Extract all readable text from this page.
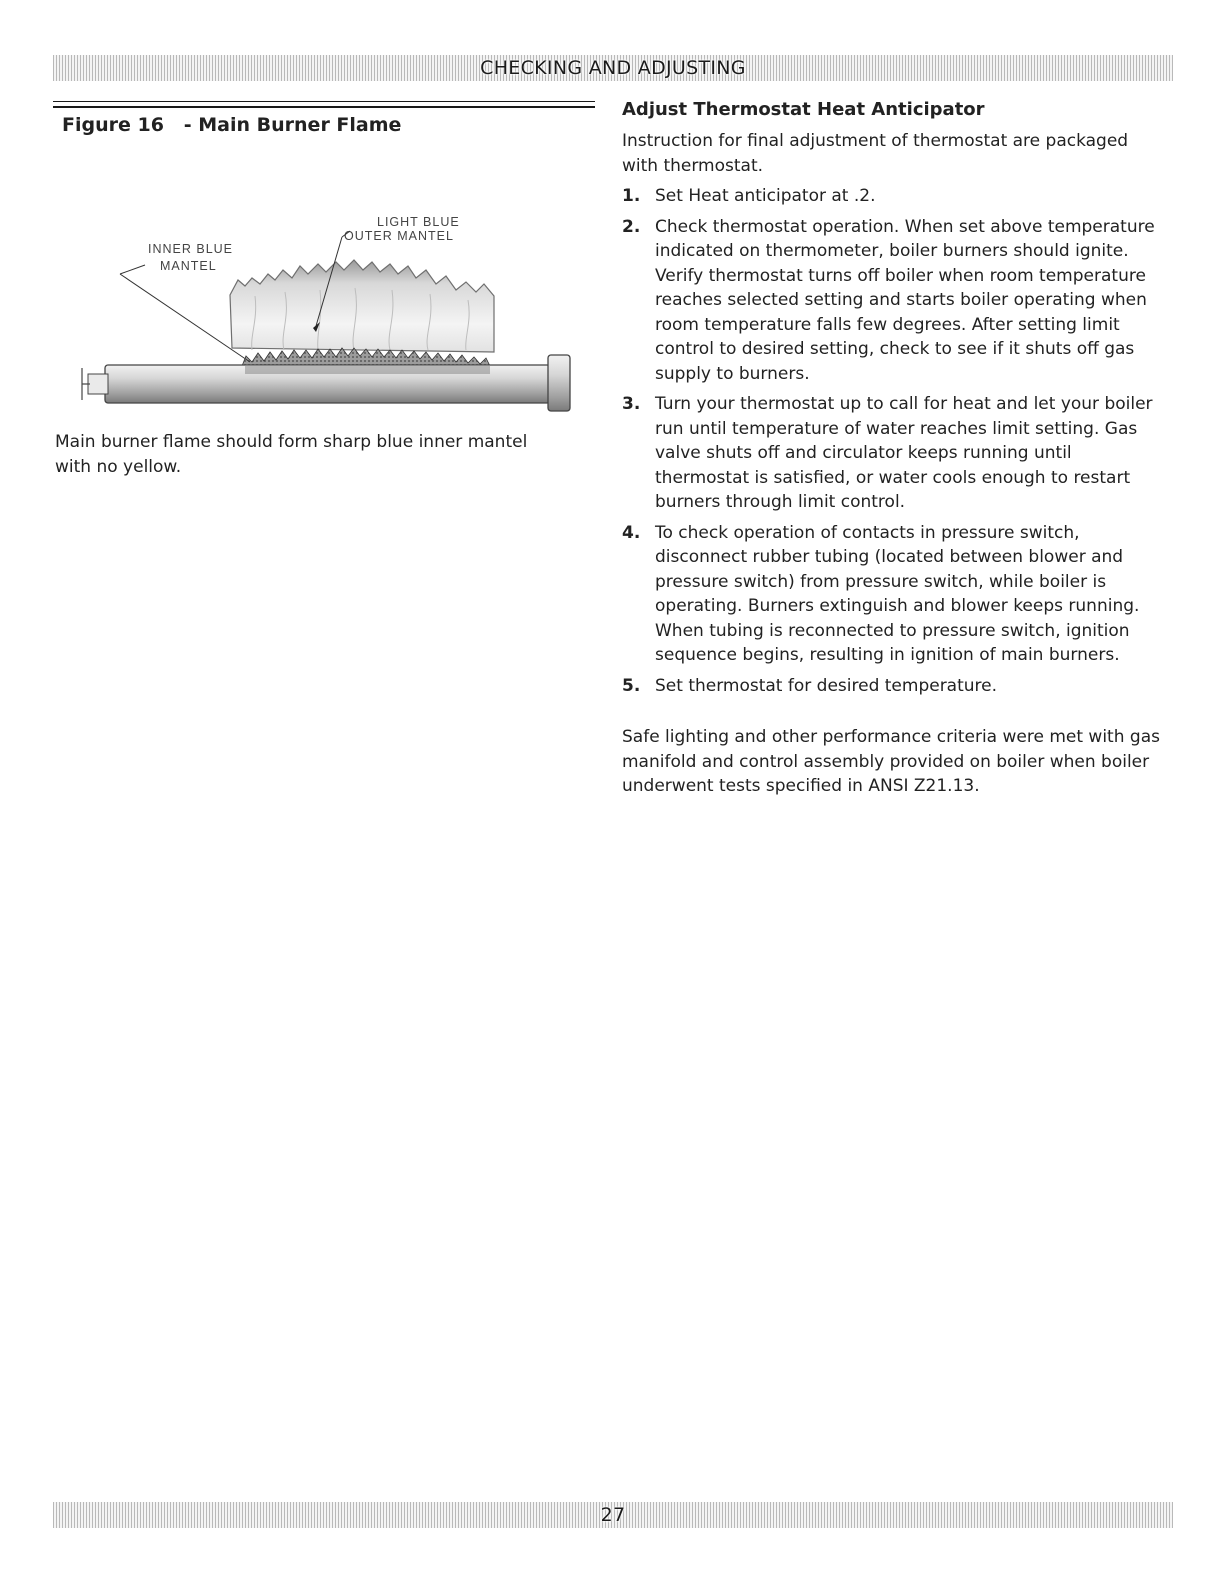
CHECKING AND ADJUSTING
Figure 16   - Main Burner Flame
LIGHT BLUE
OUTER MANTEL
INNER BLUE
MANTEL
Main burner flame should form sharp blue inner mantel with no yellow.
Adjust Thermostat Heat Anticipator
Instruction for final adjustment of thermostat are packaged with thermostat.
1. Set Heat anticipator at .2.
2. Check thermostat operation. When set above temperature indicated on thermometer, boiler burners should ignite. Verify thermostat turns off boiler when room temperature reaches selected setting and starts boiler operating when room temperature falls few degrees. After setting limit control to desired setting, check to see if it shuts off gas supply to burners.
3. Turn your thermostat up to call for heat and let your boiler run until temperature of water reaches limit setting. Gas valve shuts off and circulator keeps running until thermostat is satisfied, or water cools enough to restart burners through limit control.
4. To check operation of contacts in pressure switch, disconnect rubber tubing (located between blower and pressure switch) from pressure switch, while boiler is operating. Burners extinguish and blower keeps running. When tubing is reconnected to pressure switch, ignition sequence begins, resulting in ignition of main burners.
5. Set thermostat for desired temperature.
Safe lighting and other performance criteria were met with gas manifold and control assembly provided on boiler when boiler underwent tests specified in ANSI Z21.13.
27
